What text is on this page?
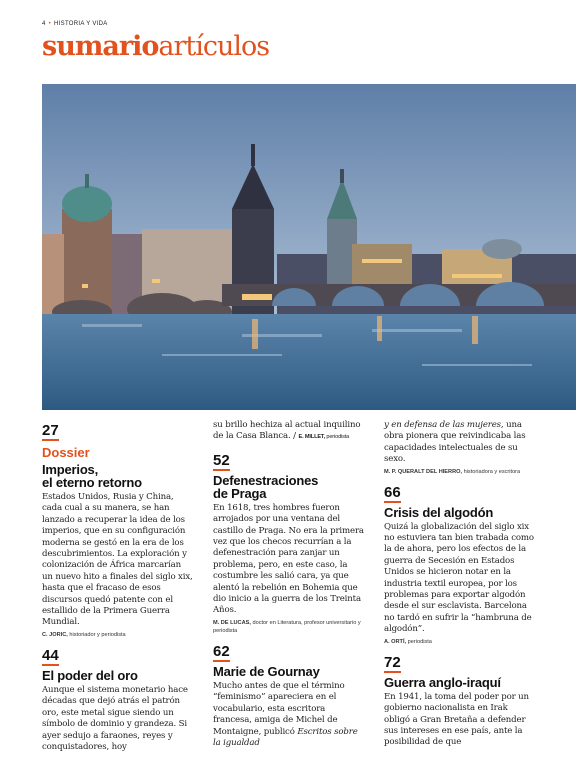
4 • HISTORIA Y VIDA
sumarioartículos
27
Dossier
Imperios,
el eterno retorno
Estados Unidos, Rusia y China, cada cual a su manera, se han lanzado a recuperar la idea de los imperios, que en su configuración moderna se gestó en la era de los descubrimientos. La exploración y colonización de África marcarían un nuevo hito a finales del siglo xix, hasta que el fracaso de esos discursos quedó patente con el estallido de la Primera Guerra Mundial.
C. JORIC, historiador y periodista
44
El poder del oro
Aunque el sistema monetario hace décadas que dejó atrás el patrón oro, este metal sigue siendo un símbolo de dominio y grandeza. Si ayer sedujo a faraones, reyes y conquistadores, hoy
su brillo hechiza al actual inquilino de la Casa Blanca. / E. MILLET, periodista
52
Defenestraciones
de Praga
En 1618, tres hombres fueron arrojados por una ventana del castillo de Praga. No era la primera vez que los checos recurrían a la defenestración para zanjar un problema, pero, en este caso, la costumbre les salió cara, ya que alentó la rebelión en Bohemia que dio inicio a la guerra de los Treinta Años.
M. DE LUCAS, doctor en Literatura, profesor universitario y periodista
62
Marie de Gournay
Mucho antes de que el término “feminismo” apareciera en el vocabulario, esta escritora francesa, amiga de Michel de Montaigne, publicó Escritos sobre la igualdad
y en defensa de las mujeres, una obra pionera que reivindicaba las capacidades intelectuales de su sexo.
M. P. QUERALT DEL HIERRO, historiadora y escritora
66
Crisis del algodón
Quizá la globalización del siglo xix no estuviera tan bien trabada como la de ahora, pero los efectos de la guerra de Secesión en Estados Unidos se hicieron notar en la industria textil europea, por los problemas para exportar algodón desde el sur esclavista. Barcelona no tardó en sufrir la “hambruna de algodón”.
A. ORTÍ, periodista
72
Guerra anglo-iraquí
En 1941, la toma del poder por un gobierno nacionalista en Irak obligó a Gran Bretaña a defender sus intereses en ese país, ante la posibilidad de que
